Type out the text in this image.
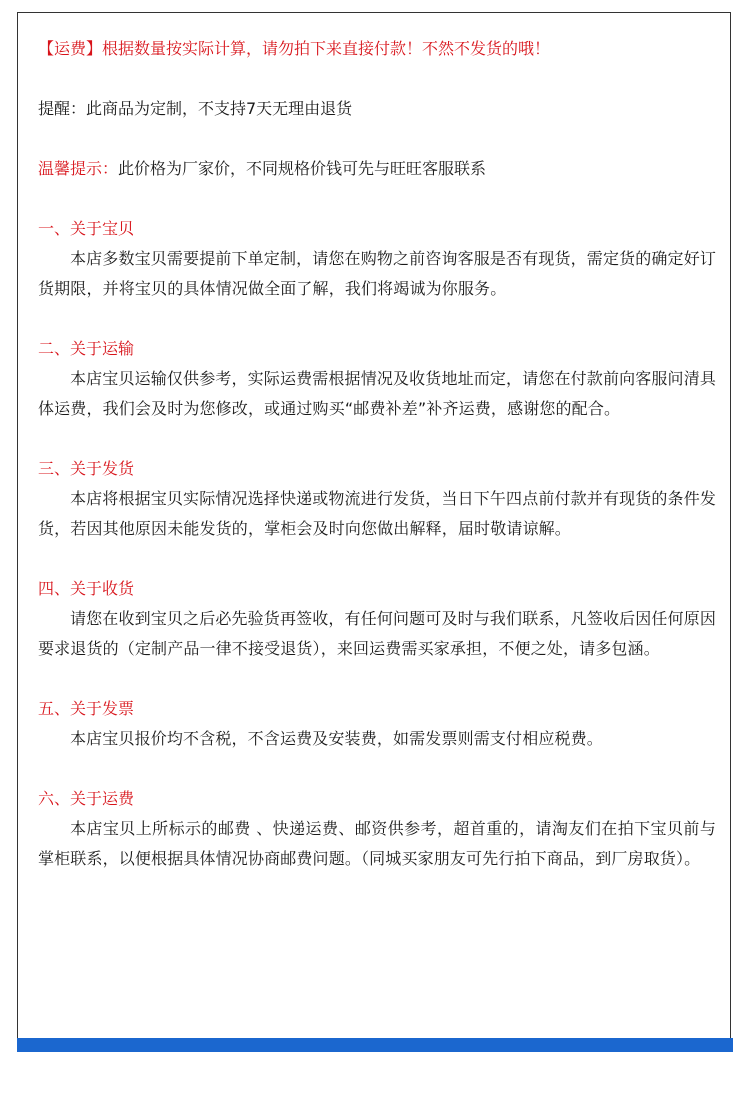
【运费】根据数量按实际计算，请勿拍下来直接付款！不然不发货的哦！
提醒：此商品为定制，不支持7天无理由退货
温馨提示：此价格为厂家价，不同规格价钱可先与旺旺客服联系
一、关于宝贝
本店多数宝贝需要提前下单定制，请您在购物之前咨询客服是否有现货，需定货的确定好订货期限，并将宝贝的具体情况做全面了解，我们将竭诚为你服务。
二、关于运输
本店宝贝运输仅供参考，实际运费需根据情况及收货地址而定，请您在付款前向客服问清具体运费，我们会及时为您修改，或通过购买“邮费补差”补齐运费，感谢您的配合。
三、关于发货
本店将根据宝贝实际情况选择快递或物流进行发货，当日下午四点前付款并有现货的条件发货，若因其他原因未能发货的，掌柜会及时向您做出解释，届时敬请谅解。
四、关于收货
请您在收到宝贝之后必先验货再签收，有任何问题可及时与我们联系，凡签收后因任何原因要求退货的（定制产品一律不接受退货），来回运费需买家承担，不便之处，请多包涵。
五、关于发票
本店宝贝报价均不含税，不含运费及安装费，如需发票则需支付相应税费。
六、关于运费
本店宝贝上所标示的邮费 、快递运费、邮资供参考，超首重的，请淘友们在拍下宝贝前与掌柜联系，以便根据具体情况协商邮费问题。（同城买家朋友可先行拍下商品，到厂房取货）。
